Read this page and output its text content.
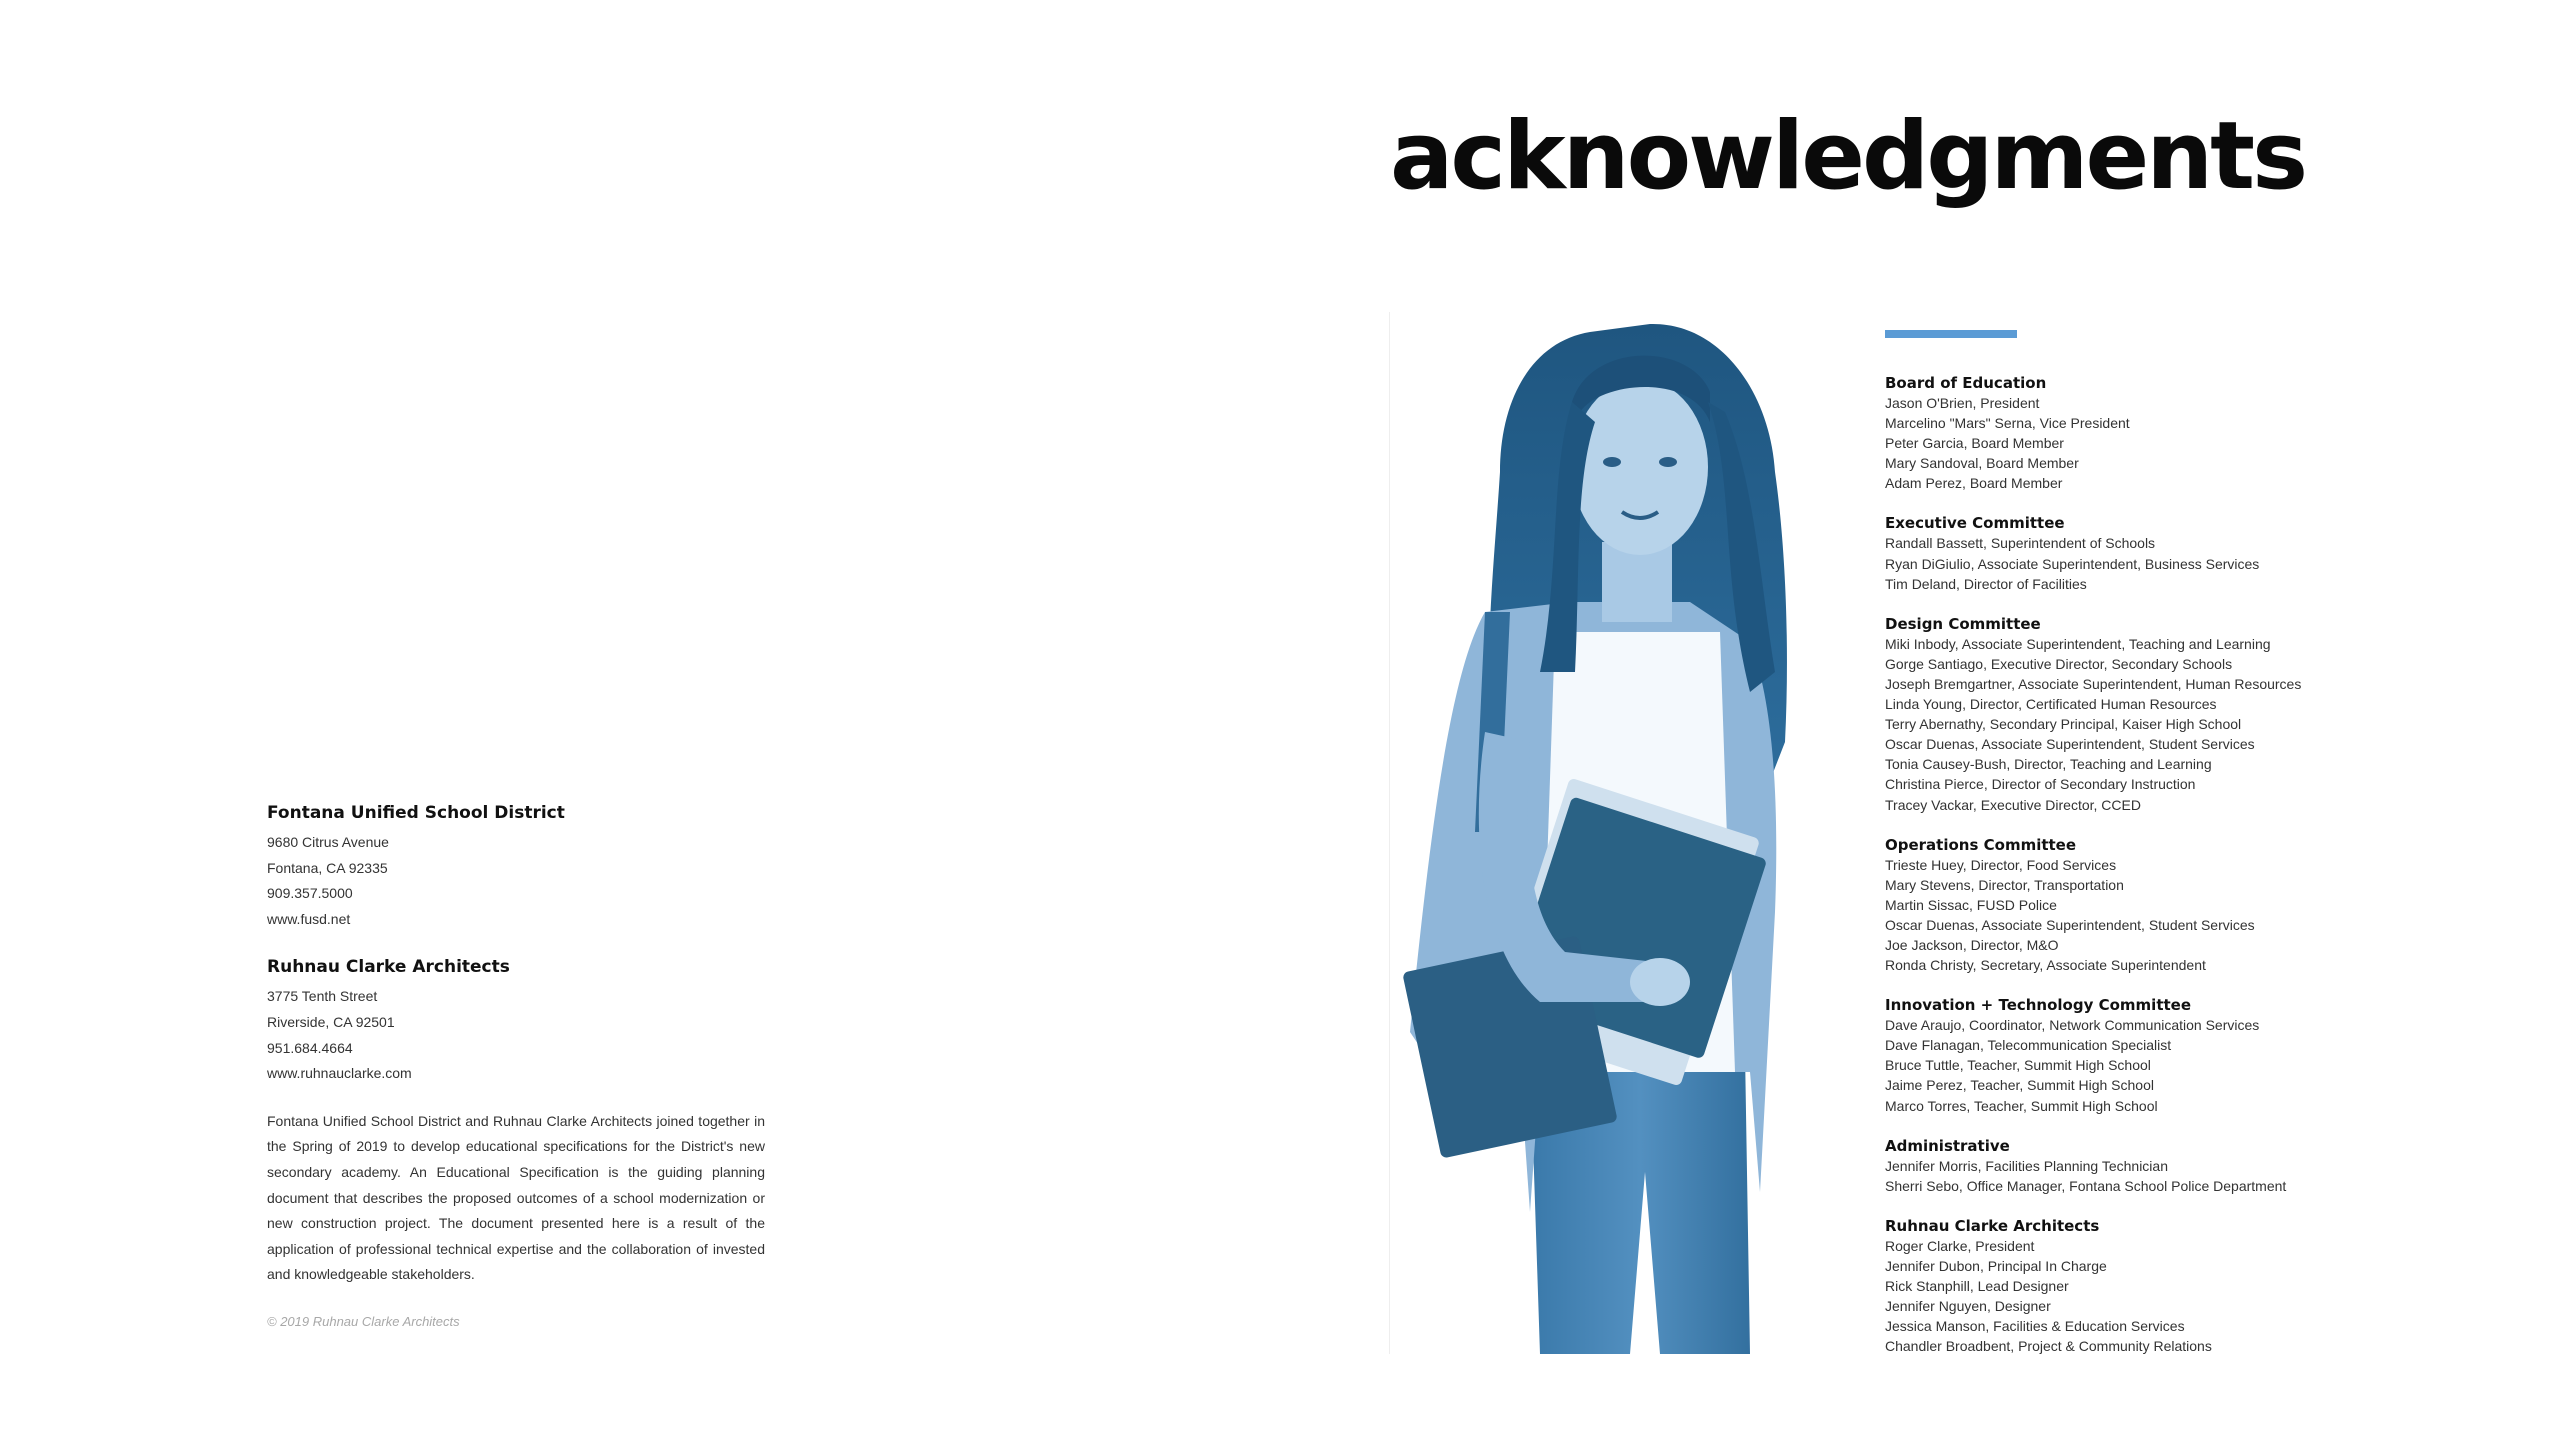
acknowledgments
Fontana Unified School District
9680 Citrus Avenue
Fontana, CA 92335
909.357.5000
www.fusd.net
Ruhnau Clarke Architects
3775 Tenth Street
Riverside, CA 92501
951.684.4664
www.ruhnauclarke.com

Fontana Unified School District and Ruhnau Clarke Architects joined together in the Spring of 2019 to develop educational specifications for the District's new secondary academy. An Educational Specification is the guiding planning document that describes the proposed outcomes of a school modernization or new construction project. The document presented here is a result of the application of professional technical expertise and the collaboration of invested and knowledgeable stakeholders.

© 2019 Ruhnau Clarke Architects

Board of Education
Jason O'Brien, President
Marcelino "Mars" Serna, Vice President
Peter Garcia, Board Member
Mary Sandoval, Board Member
Adam Perez, Board Member
Executive Committee
Randall Bassett, Superintendent of Schools
Ryan DiGiulio, Associate Superintendent, Business Services
Tim Deland, Director of Facilities
Design Committee
Miki Inbody, Associate Superintendent, Teaching and Learning
Gorge Santiago, Executive Director, Secondary Schools
Joseph Bremgartner, Associate Superintendent, Human Resources
Linda Young, Director, Certificated Human Resources
Terry Abernathy, Secondary Principal, Kaiser High School
Oscar Duenas, Associate Superintendent, Student Services
Tonia Causey-Bush, Director, Teaching and Learning
Christina Pierce, Director of Secondary Instruction
Tracey Vackar, Executive Director, CCED
Operations Committee
Trieste Huey, Director, Food Services
Mary Stevens, Director, Transportation
Martin Sissac, FUSD Police
Oscar Duenas, Associate Superintendent, Student Services
Joe Jackson, Director, M&O
Ronda Christy, Secretary, Associate Superintendent
Innovation + Technology Committee
Dave Araujo, Coordinator, Network Communication Services
Dave Flanagan, Telecommunication Specialist
Bruce Tuttle, Teacher, Summit High School
Jaime Perez, Teacher, Summit High School
Marco Torres, Teacher, Summit High School
Administrative
Jennifer Morris, Facilities Planning Technician
Sherri Sebo, Office Manager, Fontana School Police Department
Ruhnau Clarke Architects
Roger Clarke, President
Jennifer Dubon, Principal In Charge
Rick Stanphill, Lead Designer
Jennifer Nguyen, Designer
Jessica Manson, Facilities & Education Services
Chandler Broadbent, Project & Community Relations
